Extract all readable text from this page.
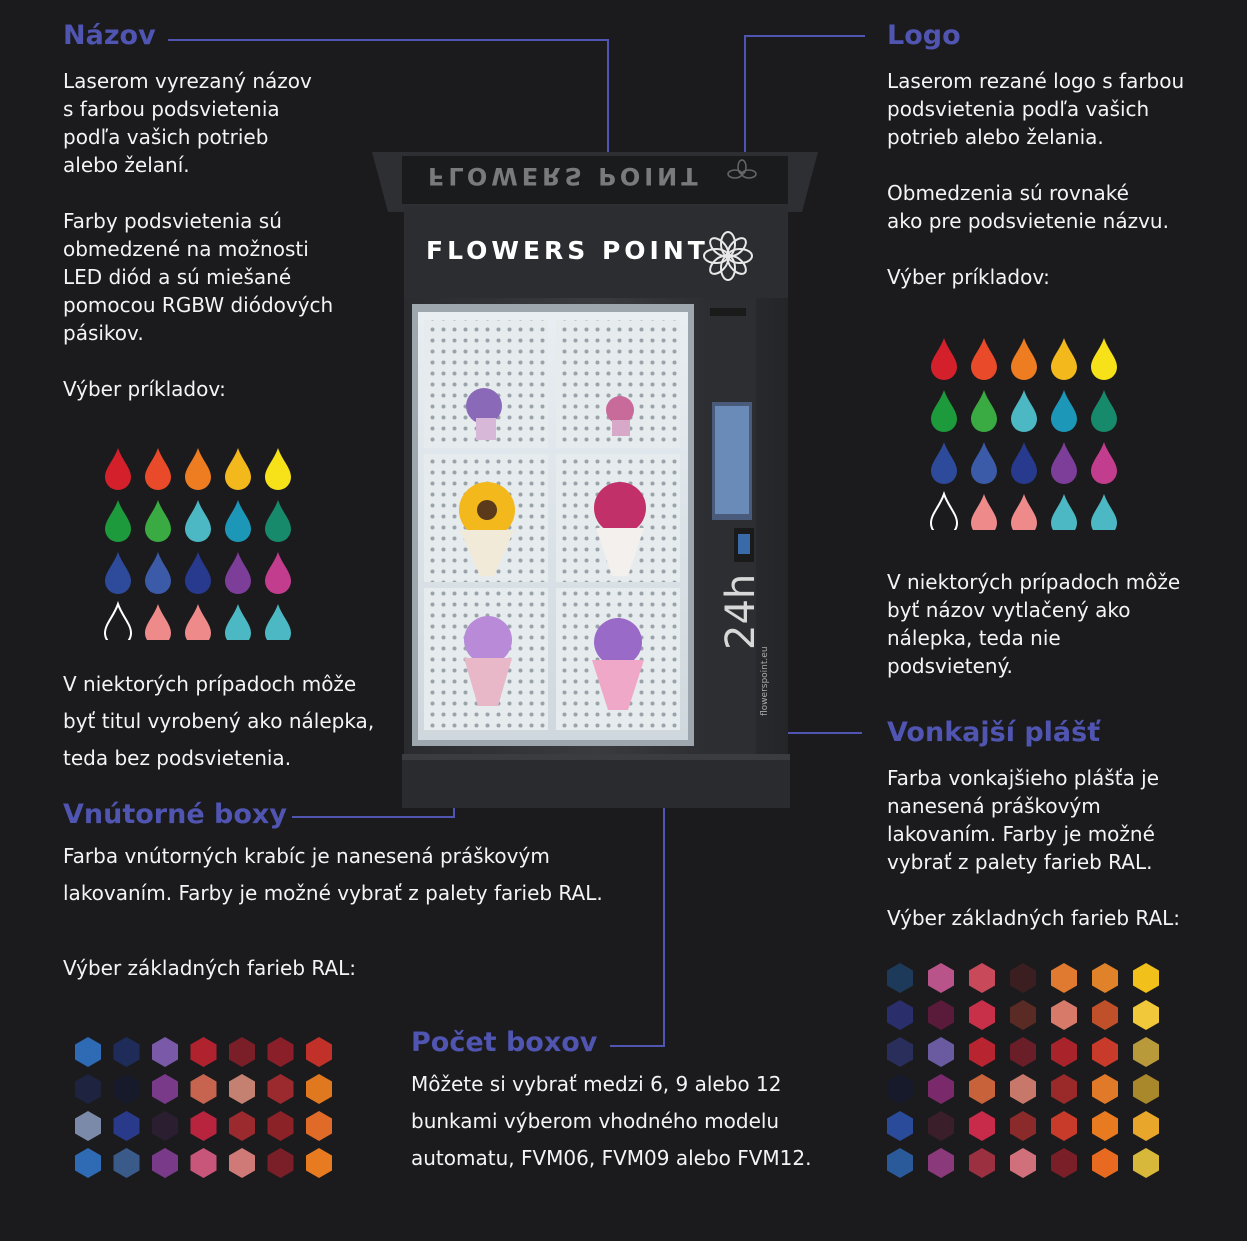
Názov
Laserom vyrezaný názov
s farbou podsvietenia
podľa vašich potrieb
alebo želaní.

Farby podsvietenia sú
obmedzené na možnosti
LED diód a sú miešané
pomocou RGBW diódových
pásikov.

Výber príkladov:
V niektorých prípadoch môže
byť titul vyrobený ako nálepka,
teda bez podsvietenia.
Logo
Laserom rezané logo s farbou
podsvietenia podľa vašich
potrieb alebo želania.

Obmedzenia sú rovnaké
ako pre podsvietenie názvu.

Výber príkladov:
V niektorých prípadoch môže
byť názov vytlačený ako
nálepka, teda nie
podsvietený.
Vnútorné boxy
Farba vnútorných krabíc je nanesená práškovým
lakovaním. Farby je možné vybrať z palety farieb RAL.
Výber základných farieb RAL:
Počet boxov
Môžete si vybrať medzi 6, 9 alebo 12
bunkami výberom vhodného modelu
automatu, FVM06, FVM09 alebo FVM12.
Vonkajší plášť
Farba vonkajšieho plášťa je
nanesená práškovým
lakovaním. Farby je možné
vybrať z palety farieb RAL.
Výber základných farieb RAL:
FLOWERS POINT
FLOWERS POINT
24h
flowerspoint.eu
